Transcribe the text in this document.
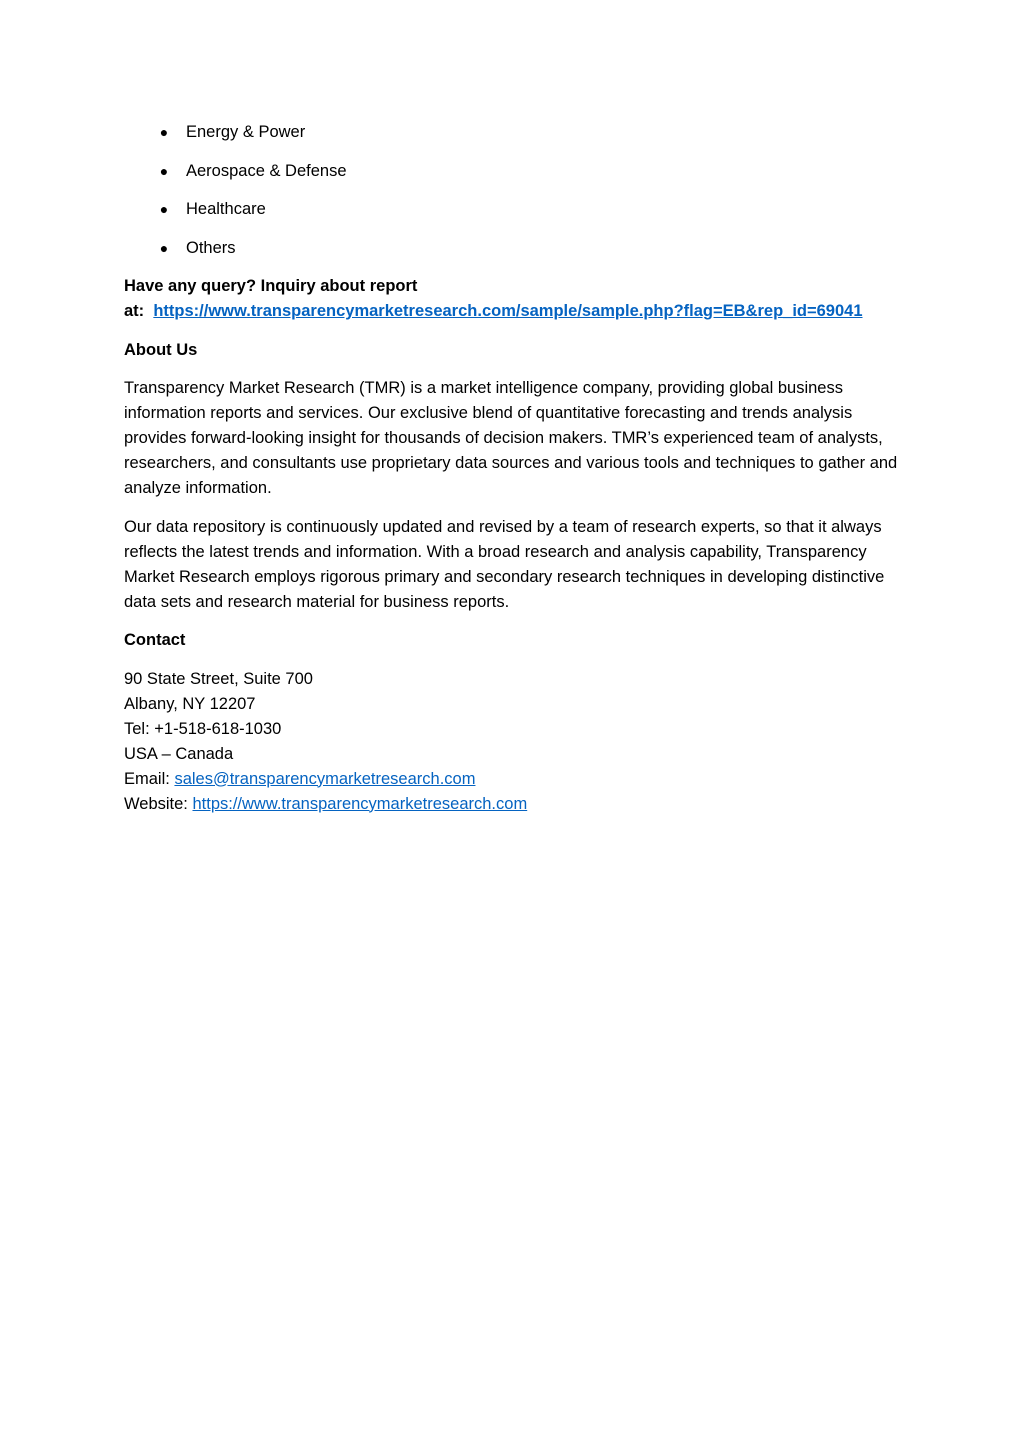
● Energy & Power
● Aerospace & Defense
● Healthcare
● Others
Have any query? Inquiry about report
at: https://www.transparencymarketresearch.com/sample/sample.php?flag=EB&rep_id=69041
About Us

Transparency Market Research (TMR) is a market intelligence company, providing global business information reports and services. Our exclusive blend of quantitative forecasting and trends analysis provides forward-looking insight for thousands of decision makers. TMR’s experienced team of analysts, researchers, and consultants use proprietary data sources and various tools and techniques to gather and analyze information.

Our data repository is continuously updated and revised by a team of research experts, so that it always reflects the latest trends and information. With a broad research and analysis capability, Transparency Market Research employs rigorous primary and secondary research techniques in developing distinctive data sets and research material for business reports.

Contact
90 State Street, Suite 700
Albany, NY 12207
Tel: +1-518-618-1030
USA – Canada
Email: sales@transparencymarketresearch.com
Website: https://www.transparencymarketresearch.com
